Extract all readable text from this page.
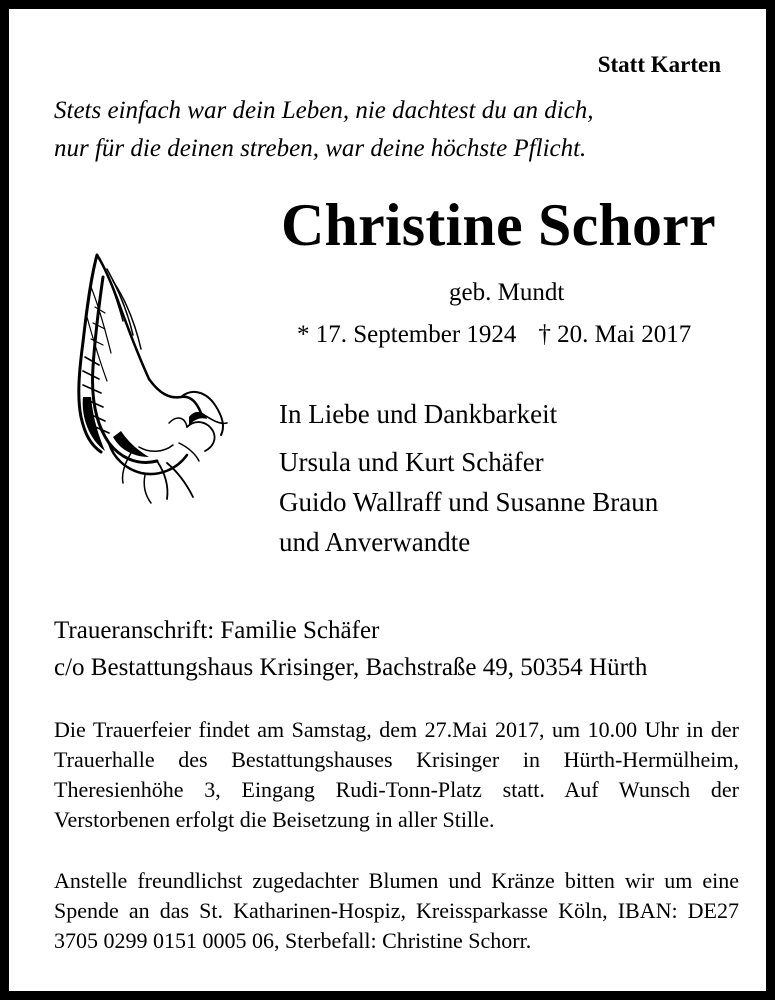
Statt Karten
Stets einfach war dein Leben, nie dachtest du an dich,
nur für die deinen streben, war deine höchste Pflicht.
Christine Schorr
geb. Mundt
* 17. September 1924 † 20. Mai 2017
In Liebe und Dankbarkeit
Ursula und Kurt Schäfer
Guido Wallraff und Susanne Braun
und Anverwandte
Traueranschrift: Familie Schäfer
c/o Bestattungshaus Krisinger, Bachstraße 49, 50354 Hürth
Die Trauerfeier findet am Samstag, dem 27.Mai 2017, um 10.00 Uhr in der Trauerhalle des Bestattungshauses Krisinger in Hürth-Hermülheim, Theresienhöhe 3, Eingang Rudi-Tonn-Platz statt. Auf Wunsch der Verstorbenen erfolgt die Beisetzung in aller Stille.
Anstelle freundlichst zugedachter Blumen und Kränze bitten wir um eine Spende an das St. Katharinen-Hospiz, Kreissparkasse Köln, IBAN: DE27 3705 0299 0151 0005 06, Sterbefall: Christine Schorr.
